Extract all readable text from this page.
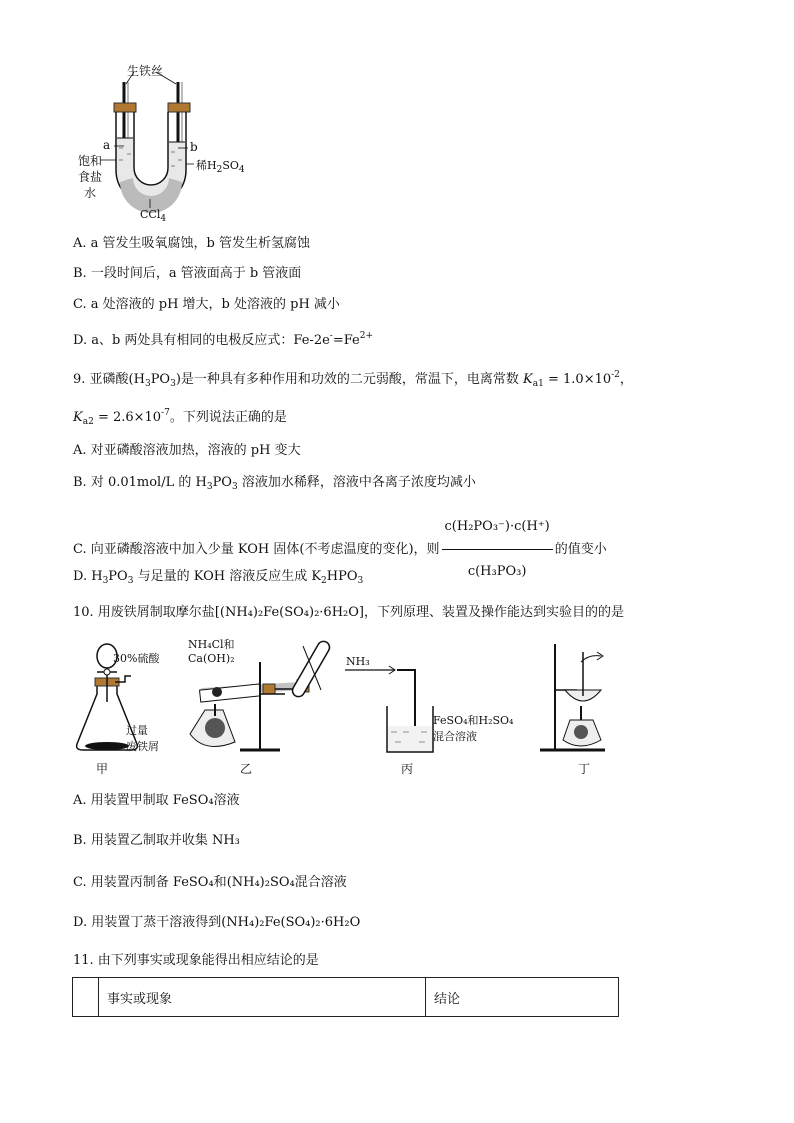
生铁丝
a	b
饱和
食盐
水
稀$H_2SO_4$
CCl$_4$
A. a 管发生吸氧腐蚀，b 管发生析氢腐蚀
B. 一段时间后，a 管液面高于 b 管液面
C. a 处溶液的 pH 增大，b 处溶液的 pH 减小
D. a、b 两处具有相同的电极反应式：$Fe-2e^-=Fe^{2+}$
9. 亚磷酸$(H_3PO_3)$是一种具有多种作用和功效的二元弱酸，常温下，电离常数 $K_{a1} = 1.0\times 10^{-2}$，
$K_{a2} = 2.6\times 10^{-7}$。下列说法正确的是
A. 对亚磷酸溶液加热，溶液的 pH 变大
B. 对 0.01mol/L 的 $H_3PO_3$ 溶液加水稀释，溶液中各离子浓度均减小
C. 向亚磷酸溶液中加入少量 KOH 固体(不考虑温度的变化)，则 $\frac{\text{c(H₂PO₃⁻)·c(H⁺)}}{\text{c(H₃PO₃)}}$ 的值变小
D. $H_3PO_3$ 与足量的 KOH 溶液反应生成 $K_2HPO_3$
10. 用废铁屑制取摩尔盐[(NH₄)₂Fe(SO₄)₂·6H₂O]，下列原理、装置及操作能达到实验目的的是
30%硫酸
过量
废铁屑
甲
NH₄Cl和
Ca(OH)₂
乙
NH₃
FeSO₄和H₂SO₄
混合溶液
丙	丁
A. 用装置甲制取 FeSO₄溶液
B. 用装置乙制取并收集 NH₃
C. 用装置丙制备 FeSO₄和(NH₄)₂SO₄混合溶液
D. 用装置丁蒸干溶液得到(NH₄)₂Fe(SO₄)₂·6H₂O
11. 由下列事实或现象能得出相应结论的是
	事实或现象	结论
